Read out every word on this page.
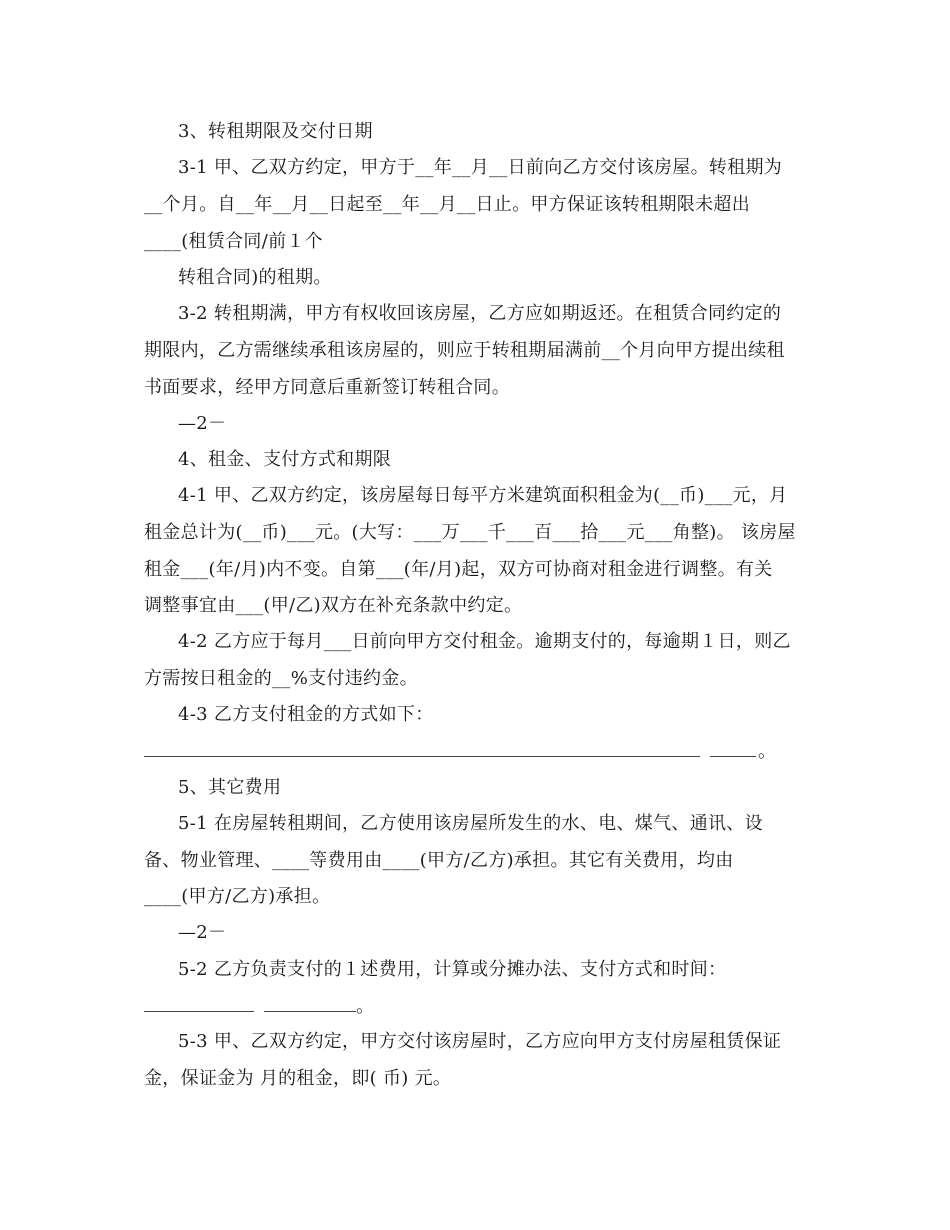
3、转租期限及交付日期
3-1 甲、乙双方约定，甲方于__年__月__日前向乙方交付该房屋。转租期为
__个月。自__年__月__日起至__年__月__日止。甲方保证该转租期限未超出
____(租赁合同/前１个
转租合同)的租期。
3-2 转租期满，甲方有权收回该房屋，乙方应如期返还。在租赁合同约定的
期限内，乙方需继续承租该房屋的，则应于转租期届满前__个月向甲方提出续租
书面要求，经甲方同意后重新签订转租合同。
—2－
4、租金、支付方式和期限
4-1 甲、乙双方约定，该房屋每日每平方米建筑面积租金为(__币)___元，月
租金总计为(__币)___元。(大写：___万___千___百___拾___元___角整)。 该房屋
租金___(年/月)内不变。自第___(年/月)起，双方可协商对租金进行调整。有关
调整事宜由___(甲/乙)双方在补充条款中约定。
4-2 乙方应于每月___日前向甲方交付租金。逾期支付的，每逾期１日，则乙
方需按日租金的__%支付违约金。
4-3 乙方支付租金的方式如下：
。
5、其它费用
5-1 在房屋转租期间，乙方使用该房屋所发生的水、电、煤气、通讯、设
备、物业管理、____等费用由____(甲方/乙方)承担。其它有关费用，均由
____(甲方/乙方)承担。
—2－
5-2 乙方负责支付的１述费用，计算或分摊办法、支付方式和时间：
。
5-3 甲、乙双方约定，甲方交付该房屋时，乙方应向甲方支付房屋租赁保证
金，保证金为 月的租金，即( 币) 元。
